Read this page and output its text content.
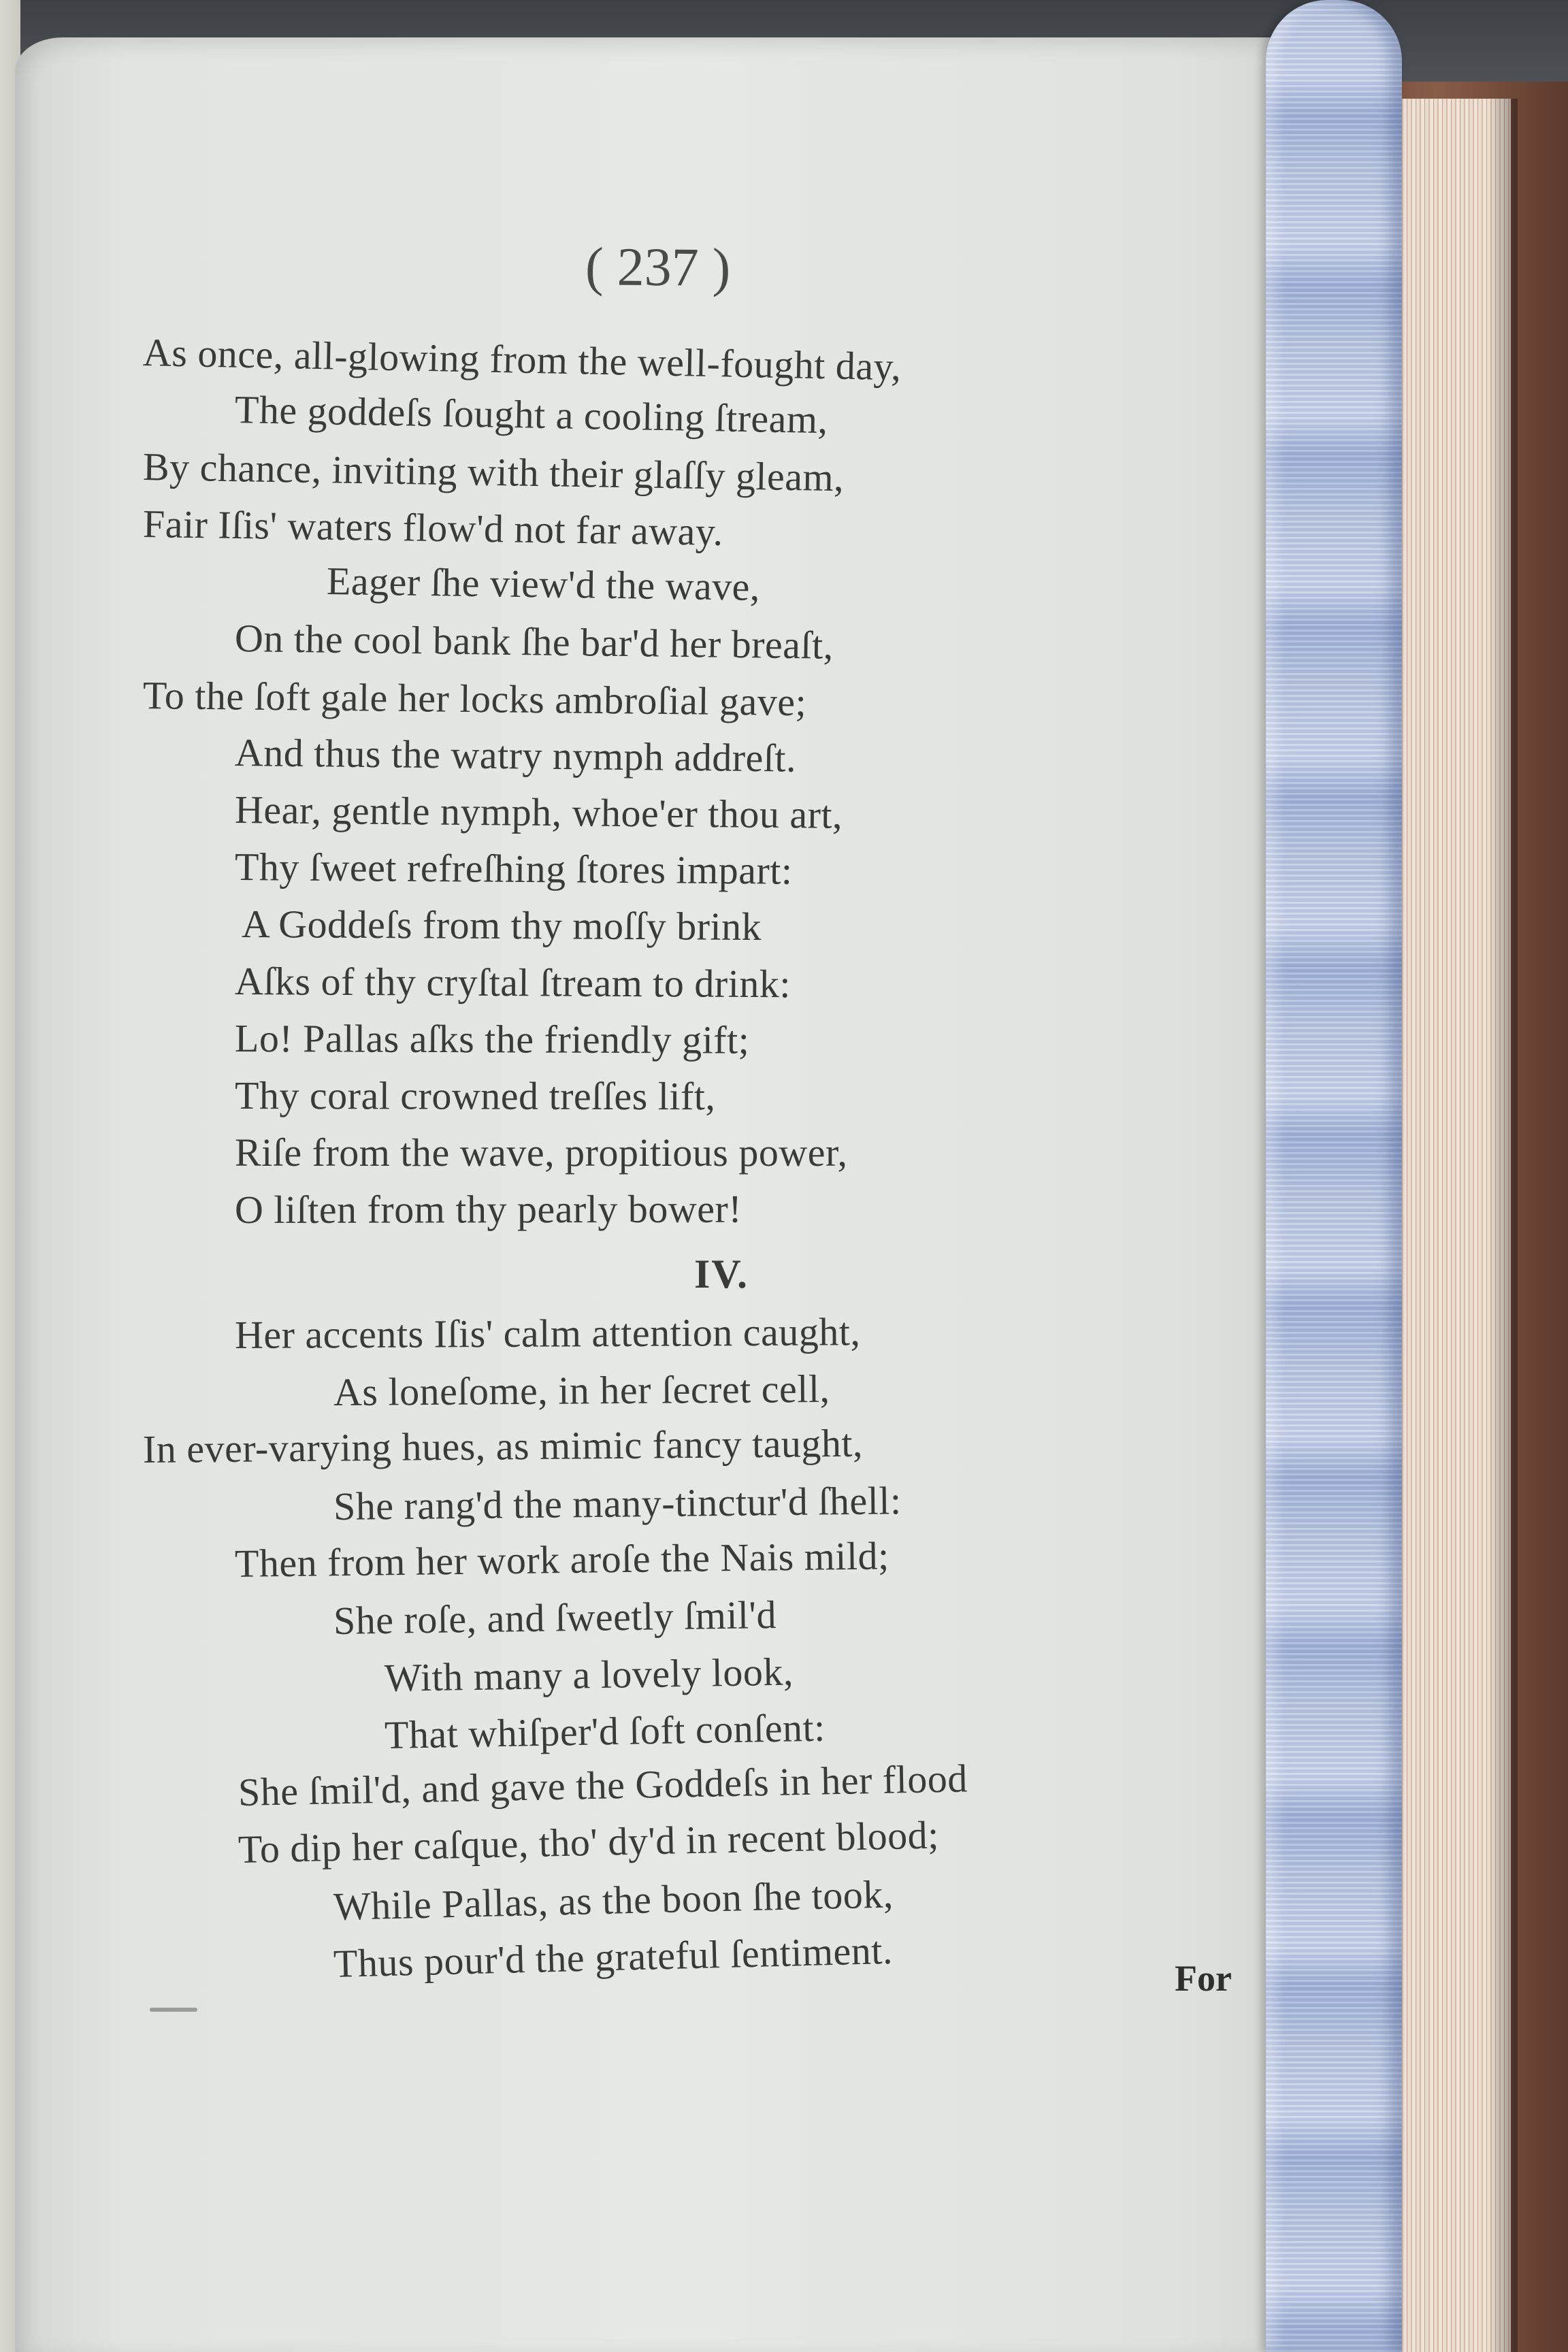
( 237 )

As once, all-glowing from the well-fought day,

The goddeſs ſought a cooling ſtream,

By chance, inviting with their glaſſy gleam,

Fair Iſis' waters flow'd not far away.

Eager ſhe view'd the wave,

On the cool bank ſhe bar'd her breaſt,

To the ſoft gale her locks ambroſial gave;

And thus the watry nymph addreſt.

Hear, gentle nymph, whoe'er thou art,

Thy ſweet refreſhing ſtores impart:

A Goddeſs from thy moſſy brink

Aſks of thy cryſtal ſtream to drink:

Lo! Pallas aſks the friendly gift;

Thy coral crowned treſſes lift,

Riſe from the wave, propitious power,

O liſten from thy pearly bower!

IV.

Her accents Iſis' calm attention caught,

As loneſome, in her ſecret cell,

In ever-varying hues, as mimic fancy taught,

She rang'd the many-tinctur'd ſhell:

Then from her work aroſe the Nais mild;

She roſe, and ſweetly ſmil'd

With many a lovely look,

That whiſper'd ſoft conſent:

She ſmil'd, and gave the Goddeſs in her flood

To dip her caſque, tho' dy'd in recent blood;

While Pallas, as the boon ſhe took,

Thus pour'd the grateful ſentiment.	For
